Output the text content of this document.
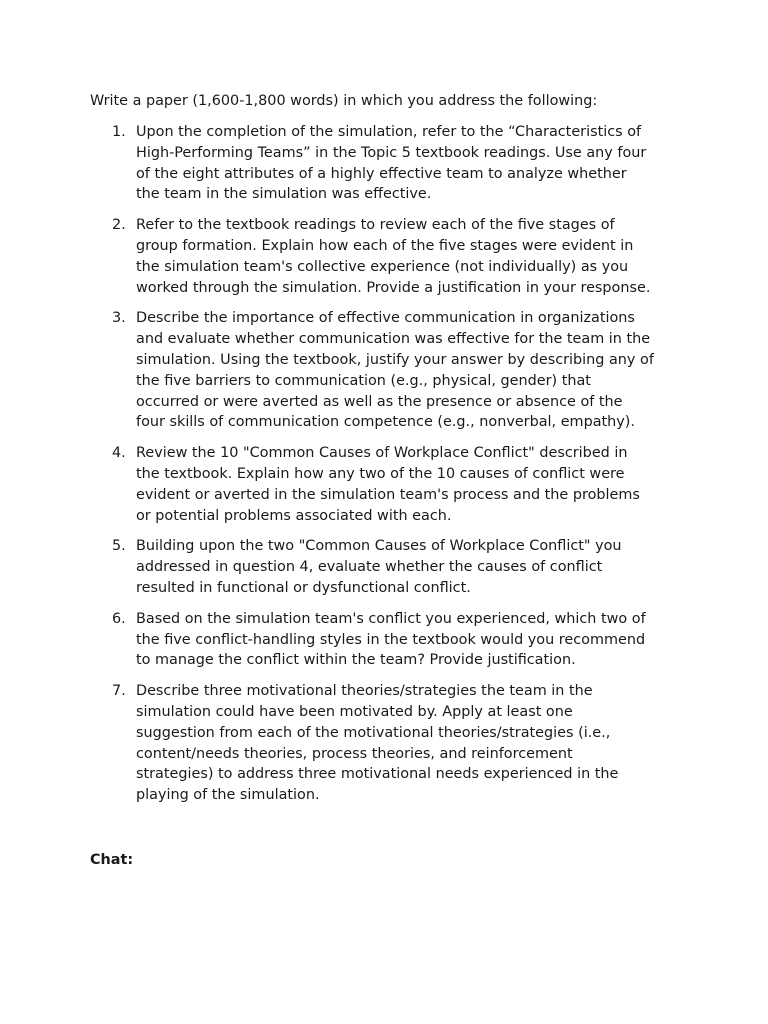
Write a paper (1,600-1,800 words) in which you address the following:

1. Upon the completion of the simulation, refer to the “Characteristics of
High-Performing Teams” in the Topic 5 textbook readings. Use any four
of the eight attributes of a highly effective team to analyze whether
the team in the simulation was effective.
2. Refer to the textbook readings to review each of the five stages of
group formation. Explain how each of the five stages were evident in
the simulation team's collective experience (not individually) as you
worked through the simulation. Provide a justification in your response.
3. Describe the importance of effective communication in organizations
and evaluate whether communication was effective for the team in the
simulation. Using the textbook, justify your answer by describing any of
the five barriers to communication (e.g., physical, gender) that
occurred or were averted as well as the presence or absence of the
four skills of communication competence (e.g., nonverbal, empathy).
4. Review the 10 "Common Causes of Workplace Conflict" described in
the textbook. Explain how any two of the 10 causes of conflict were
evident or averted in the simulation team's process and the problems
or potential problems associated with each.
5. Building upon the two "Common Causes of Workplace Conflict" you
addressed in question 4, evaluate whether the causes of conflict
resulted in functional or dysfunctional conflict.
6. Based on the simulation team's conflict you experienced, which two of
the five conflict-handling styles in the textbook would you recommend
to manage the conflict within the team? Provide justification.
7. Describe three motivational theories/strategies the team in the
simulation could have been motivated by. Apply at least one
suggestion from each of the motivational theories/strategies (i.e.,
content/needs theories, process theories, and reinforcement
strategies) to address three motivational needs experienced in the
playing of the simulation.
Chat:
